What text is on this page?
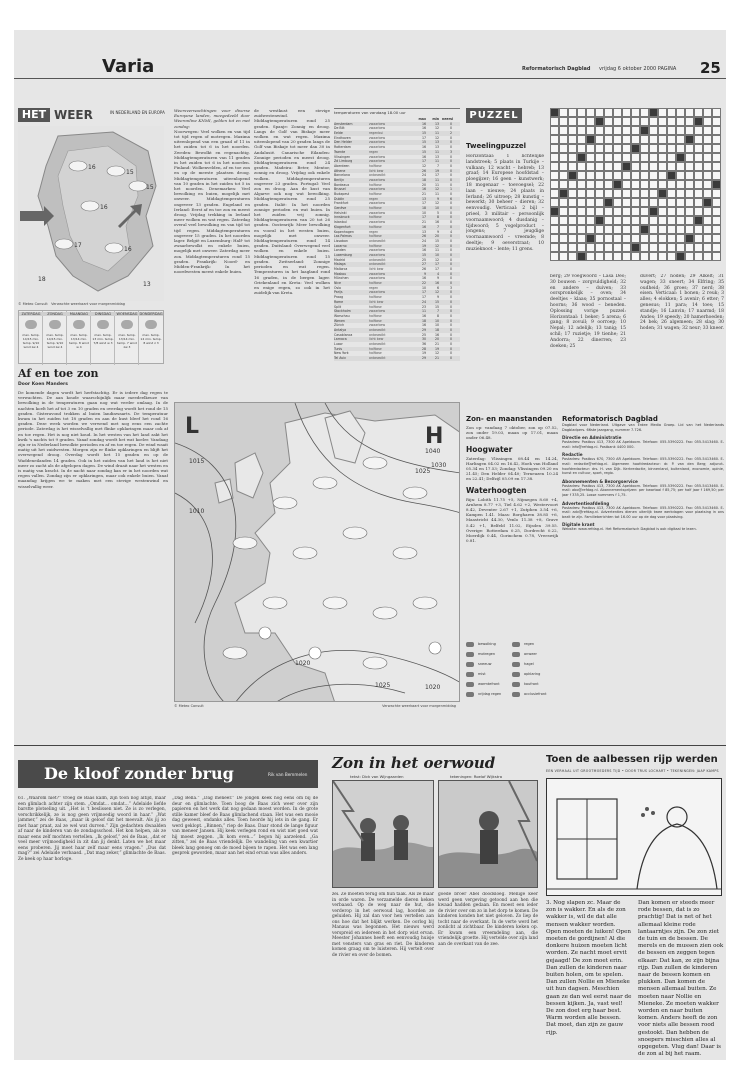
Varia	Reformatorisch Dagblad vrijdag 6 oktober 2000 PAGINA 25
HET WEER	IN NEDERLAND EN EUROPA
16
15
16
17
16
15
18
13
© Meteo Consult Verwachte weerkaart voor morgenmiddag
ZATERDAG
max. temp. 14/15 min. temp. 9/10 wind zw 4
ZONDAG
max. temp. 14/15 min. temp. 9/10 wind zw 4
MAANDAG
max. temp. 13/14 min. temp. 8 wind w 4
DINSDAG
max. temp. 13 min. temp. 7/8 wind w 3
WOENSDAG
max. temp. 13/14 min. temp. 7 wind zw 3
DONDERDAG
max. temp. 14 min. temp. 8 wind z 3
Af en toe zon
Door Koen Manders
De komende dagen wordt het herfstachtig. Er is iedere dag regen te verwachten. De aan koude waarschijnlijk maar meedeelkeuze van bewolking in de temperaturen gaan nog wat verder omlaag. In de nachten koelt het af tot 3 en 10 graden en overdag wordt het rond de 15 graden. Gisteravond trokken al buien landinwaarts. De temperatuur kwam in het zuiden tot 18 graden en aan de kust bleef het rond 16 graden. Deze week worden we verwend met nog eens een zachte periode. Zaterdag is het wisselvallig met flinke opklaringen maar ook af en toe regen. Het is nog niet koud. In het westen van het land zakt het kwik 's nachts tot 9 graden. Vanaf zondag wordt het wat koeler. Vandaag zijn er in Nederland bewolkte perioden en af en toe regen. De wind waait matig uit het zuidwesten. Morgen zijn er flinke opklaringen en blijft het overwegend droog. Overdag wordt het 15 graden en op de Waddeneilanden 14 graden. Ook in het zuiden van het land is het niet meer zo zacht als de afgelopen dagen. De wind draait naar het westen en is matig van kracht. In de nacht naar zondag kan er in het noorden wat regen vallen. Zondag zijn er opklaringen, maar ook enkele buien. Vanaf maandag krijgen we te maken met een stevige westenwind en wisselvallig weer.

Weersverwachtingen voor diverse Europese landen, meegedeeld door Weeronline KNMI, gelden tot en met zondag:

Noorwegen: Veel wolken en van tijd tot tijd regen of motregen. Maxima uiteenlopend van een graad of 11 in het zuiden tot 6 in het noorden. Zweden: Bewolkt en regenachtig. Middagtemperaturen van 11 graden in het zuiden tot 6 in het noorden. Finland: Wolkenvelden, af en toe zon en op de meeste plaatsen droog. Middagtemperaturen uiteenlopend van 10 graden in het zuiden tot 5 in het noorden. Denemarken: Veel bewolking en buien, mogelijk met onweer. Middagtemperaturen ongeveer 13 graden. Engeland en Ierland: Eerst af en toe zon en meest droog. Vrijdag trekking in Ierland meer wolken en wat regen. Zaterdag overal veel bewolking en van tijd tot tijd regen. Middagtemperaturen ongeveer 15 graden. In het noorden lager. België en Luxemburg: Half- tot zwaarbewolkt en enkele buien, mogelijk met onweer. Zaterdag meer zon. Middagtemperaturen rond 15 graden. Frankrijk: Noord- en Midden-Frankrijk: In het noordwesten meest enkele buien.

de westkust een stevige zuidwestenwind. Middagtemperaturen rond 25 graden. Spanje: Zonnig en droog. Langs de Golf van Biskaje meer wolken en wat regen. Maxima uiteenlopend van 20 graden langs de Golf van Biskaje tot meer dan 30 in Andalusië. Canarische Eilanden: Zonnige perioden en meest droog. Middagtemperaturen rond 24 graden. Madeira: Beter, Mentor, zonnig en droog. Vrijdag ook enkele wolken. Middagtemperaturen ongeveer 23 graden. Portugal: Veel zon en droog. Aan de kust van Algarve ook nog wat bewolking. Middagtemperaturen rond 25 graden. Italië: In het noorden zonnige perioden en wat buien. In het zuiden vrij zonnig. Middagtemperaturen van 20 tot 26 graden. Oostenrijk: Meer bewolking en vooral in het westen buien, mogelijk met onweer. Middagtemperaturen rond 14 graden. Duitsland: Overwegend veel wolken en enkele buien. Middagtemperaturen rond 15 graden. Zwitserland: Zonnige perioden en wat regen. Temperaturen in het laagland rond 16 graden, in de bergen lager. Griekenland en Kreta: Veel wolken en enige regen, zo ook in het zuidelijk van Kreta.
temperaturen van vandaag 18.00 uur
max	min neersl
Amsterdam	zwaarbew	16	13	0
De Bilt	zwaarbew	16	12	0
Eelde	regenbui	15	11	2
Eindhoven	zwaarbew	17	12	0
Den Helder	zwaarbew	15	13	0
Rotterdam	zwaarbew	16	13	0
Twente	regen	15	11	3
Vlissingen	zwaarbew	16	13	0
Zd Limburg	zwaarbew	17	11	0
Aberdeen	halfbew	12	7	0
Athene	licht bew	26	19	0
Barcelona	onbewolkt	24	17	0
Berlijn	zwaarbew	18	11	0
Bordeaux	halfbew	20	11	0
Brussel	zwaarbew	16	12	1
Budapest	halfbew	21	11	0
Dublin	regen	13	9	6
Frankfurt	zwaarbew	17	12	0
Genève	halfbew	18	10	0
Helsinki	zwaarbew	10	5	0
Innsbruck	halfbew	17	8	0
Istanbul	zwaarbew	21	16	0
Klagenfurt	halfbew	16	7	0
Kopenhagen	regen	13	9	4
Las Palmas	halfbew	26	20	0
Lissabon	onbewolkt	24	15	0
Locarno	halfbew	19	12	0
Londen	zwaarbew	16	11	0
Luxemburg	zwaarbew	15	10	0
Madrid	onbewolkt	25	12	0
Malaga	onbewolkt	27	17	0
Mallorca	licht bew	26	17	0
Moskou	zwaarbew	9	4	0
München	zwaarbew	16	9	0
Nice	halfbew	22	16	0
Oslo	regen	10	6	3
Parijs	zwaarbew	17	12	0
Praag	halfbew	17	9	0
Rome	licht bew	24	15	0
Split	halfbew	23	15	0
Stockholm	zwaarbew	11	7	0
Warschau	halfbew	16	8	0
Wenen	halfbew	18	10	0
Zürich	zwaarbew	16	10	0
Antalya	onbewolkt	29	18	0
Casablanca	onbewolkt	25	16	0
Larnaca	licht bew	30	20	0
Luxor	onbewolkt	36	21	0
Tunis	halfbew	28	19	0
New York	halfbew	19	12	0
Tel Aviv	onbewolkt	29	21	0
L	H
1015
1010
1025
1030
1040
1020
1025	1020
© Meteo Consult	Verwachte weerkaart voor morgenmiddag
PUZZEL
Tweelingpuzzel
Horizontaal: 1 lichtelijke landstreek; 5 plaats in Turkije – vulkaan; 12 wacht – hebreb; 13 graaf; 14 Europese hoofdstad – ploegijzer; 16 geen – kunstwerk; 18 mogenaar – toevoegsel; 22 laan – nieuwe; 24 plaats in Ierland; 26 uitroep; 28 kunstig – bewerkt; 30 beheer – dieren; 32 eenvoudig. Verticaal: 2 bijl – prieel, 3 militair – persoonlijk voornaamwoord; 4 dusdanig – tijdwoord; 5 vogelproduct – jongens; 7 jeugdige voornaamwoord – vreemde; 8 deeltje; 9 oeverstraat; 10 muzieknoot – lente; 11 grens.
berg; 29 voegwoord – Lasa Deo; 30 bouwen – zorgvuldigheid; 32 en andere – duiven; 33 oorspronkelijk – oven; 34 deeltjes – klaas; 35 pornostaal – hoorns; 36 wood – beneden. Oplossing vorige puzzel: Horizontaal: 1 beker; 5 arena; 6 gang; 8 zovuil; 9 oorroep; 10 Nepal; 12 adelijk; 13 tanig; 15 schil; 17 ruzietje; 19 tienhe; 21 Andorra; 22 dinerren; 23 doeken; 25
duvert; 27 noden; 29 Alkelt; 31 wagen; 33 sneert; 34 Elfring; 35 oudheid; 36 groes; 37 nerd; 38 eisen. Verticaal: 1 bonen; 2 reuk; 3 alles; 4 elokken; 5 avenir; 6 etter; 7 genesus; 11 para; 14 toes; 15 standje; 16 Lanvin; 17 naarmd; 18 Andes; 19 speedy; 20 hamerhoeden; 24 bek; 26 algemeen; 28 slag; 30 hoden; 31 wagen; 32 neur; 33 kneer.
Zon- en maanstanden
Zon op: vandaag 7 oktober, zon op 07.52, zon onder 19.03, maan op 17.01, maan onder 06.48.
Hoogwater
Zaterdag: Vlissingen 08.44 en 14.24, Harlingen 04.02 en 16.42, Hoek van Holland 05.34 en 17.53; Zondag: Vlissingen 09.20 en 21.45; Den Helder 04.40; Terneuzen 10.24 en 22.41; Delfzijl 05.09 en 17.38.
Waterhoogten
Rijn: Lobith 11.75 +5, Nijmegen 8.60 +4, Arnhem 8.77 +3, Tiel 4.62 +2, Westervoort 8.42, Deventer 2.67 +1, Zutphen 3.54 +6, Kampen 1.41. Maas: Borgharen 38.85 +6, Maastricht 44.30, Venlo 11.38 +8, Grave 5.42 +1, Belfeld 11.02, Eijsden 39.55. Overige: Rotterdam 0.25, Dordrecht 0.22, Moerdijk 0.44, Gorinchem 0.78, Vreeswijk 0.81.
bewolking	regen
motregen	onweer
sneeuw	hagel
mist	opklaring
warmtefront	koufront
vrijdag regen	occlusiefront
Reformatorisch Dagblad
Dagblad voor Nederland. Uitgave van Erdee Media Groep. Lid van het Nederlands Dagbladpers. 66ste jaargang, nummer 7.726.
Directie en Administratie
Postadres: Postbus 413, 7300 AK Apeldoorn. Telefoon: 055-5390222. Fax: 055-5413460. E-mail: info@refdag.nl. Postbank 4400 000.
Redactie
Postadres: Postbus 670, 7300 AR Apeldoorn. Telefoon: 055-5390222. Fax: 055-5413460. E-mail: redactie@refdag.nl. Algemeen hoofdredacteur: dr. P. van den Berg; adjunct-hoofdredacteur: drs. H. van Dijk. Kerkredactie, binnenland, buitenland, economie, opinie, kunst en cultuur, sport, regio.
Abonnementen & Bezorgservice
Postadres: Postbus 413, 7300 AK Apeldoorn. Telefoon: 055-5390222. Fax: 055-5413460. E-mail: abo@refdag.nl. Abonnementsprijzen: per kwartaal f 85,75; per half jaar f 169,50; per jaar f 335,25. Losse nummers f 1,75.
Advertentieafdeling
Postadres: Postbus 413, 7300 AK Apeldoorn. Telefoon: 055-5390222. Fax: 055-5413460. E-mail: adv@refdag.nl. Advertenties dienen uiterlijk twee werkdagen voor plaatsing in ons bezit te zijn. Familieberichten tot 16.00 uur op de dag voor plaatsing.
Digitale krant
Website: www.refdag.nl. Het Reformatorisch Dagblad is ook digitaal te lezen.
De kloof zonder brug	Rik van Bemmelen
61. „Waarom niet?” vroeg de Baas kalm, zijn toon nog altijd, maar een glimlach achter zijn stem. „Omdat... omdat...” Adelaide liefde barstte plotseling uit. „Het is 't beslissen niet. Ze is zo verlegen, verschrikkelijk, ze is nog geen vrijmoedig woord in haar.” „Wat jammer,” zei de Baas, „maar ik geloof dat het meevalt. Als jij zo met haar praat, zal ze wel wat durven.” Zijn gedachten dwaalden af naar de kinderen van de zondagsschool. Het kon helpen, als ze maar eens zelf mochten vertellen. „Ik geloof,” zei de Baas, „dat er veel meer vrijmoedigheid in zit dan jij denkt. Laten we het maar eens proberen. Jij moet haar zelf maar eens vragen.” „Dus dat mag?” zei Adelaide verbaasd. „Dat mag zeker,” glimlachte de Baas. Ze keek op haar horloge.
„Dag Bella.” „Dag meneer.” De jongen keek nog eens om bij de deur en glimlachte. Toen boog de Baas zich weer over zijn papieren en het werk dat nog gedaan moest worden. In de grote stille kamer bleef de Baas glimlachend staan. Het was een mooie dag geweest, ondanks alles. Toen hoorde hij iets in de gang. Er werd geklopt. „Binnen,” riep de Baas. Daar stond de lange figuur van meneer Jansen. Hij keek verlegen rond en wist niet goed wat hij moest zeggen. „Ik kom even...” begon hij aarzelend. „Ga zitten,” zei de Baas vriendelijk. De wandeling van een kwartier bleek lang genoeg om de moed bijeen te rapen. Het was een lang gesprek geworden, maar aan het eind ervan was alles anders.
Zon in het oerwoud
tekst: Dick van Wijngaarden	tekeningen: Roelof Wijkstra
zei. Ze moeten terug om hun taak. Als ze maar in orde waren. De verzamelde dieren keken verbaasd. Op de weg naar de hut, die verderop in het oerwoud lag, hoorden ze geluiden. Hij zal dan voor hen vertellen aan ons hoe dat het blijkt werken. De oorlog bij Manaus was begonnen. Het nieuws werd verspreid en iedereen in het dorp wist ervan. Meester Johannes heeft een eenvoudig huisje met vensters van gras en riet. De kinderen komen graag om te luisteren. Hij vertelt over de rivier en over de bomen.
goede broer Abel doodsloeg. Menige keer werd geen vergeving getoond aan hen die kwaad hadden gedaan. En moest een ieder de rivier over om zo in het dorp te komen. De kinderen konden het niet geloven. Zo liep de tocht naar de overkant. In de verte werd het zonlicht al zichtbaar. De kinderen keken op. Er kwam een vreemdeling aan, die vriendelijk groette. Hij vertelde over zijn land aan de overkant van de zee.
Toen de aalbessen rijp werden
EEN VERHAAL UIT GROOTMOEDERS TIJD • DOOR TRUS LOCHART • TEKENINGEN: JAAP KAMPS
3. Nog slapen zc. Maar de zon is wakker. En als de zon wakker is, wil de dat alle mensen wakker worden. Open moeten de luiken! Open moeten de gordijnen! Al die donkere huizen moeten licht worden. Ze nacht moet ervit gejaagd! De zon moet erin. Dan zullen de kinderen naar buiten holen, om te spelen. Dan zullen Nollie en Mieneke uit hun dagsen. Meschien gaan ze dan wel eerst naar de bessen kijken. Ja, vast wel! De zon doet erg haar best. Warm worden alle bessen. Dat moet, dan zijn ze gauw rijp.
Dan komen er steeds meer rode bessen, dat is zo prachtig! Dat is net of het allemaal kleine rode lantaarntjes zijn. De zon ziet de tuin en de bessen. De merels en de mussen zien ook de bessen en zeggen tegen elkaar: Dat kan, ze zijn bijna rijp. Dan zullen de kinderen naar de bessen komen en plukken. Dan komen de mensen allemaal buiten. Ze moeten naar Nollie en Mieneke. Ze moeten wakker worden en naar buiten komen. Anders heeft de zon voor niets alle bessen rood gestookt. Dan hebben de snoepers misschien alles al opgegeten. Vlug dan! Daar is de zon al bij het raam.
